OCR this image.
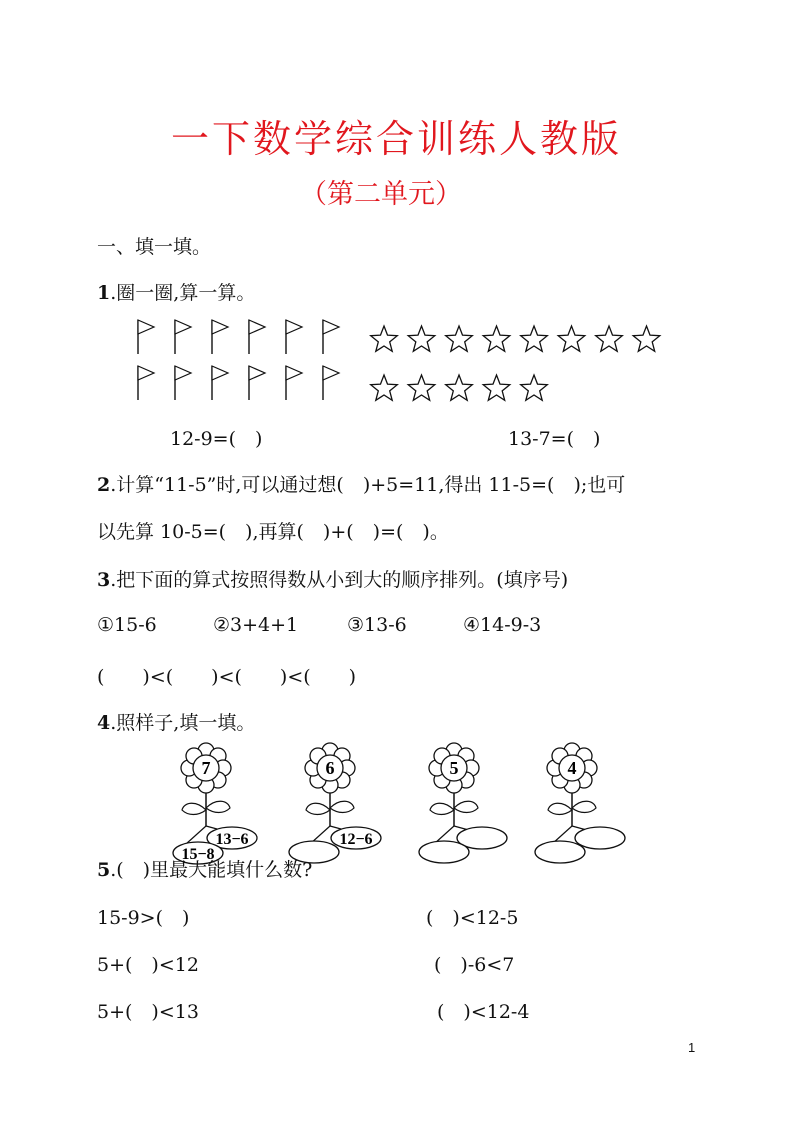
一下数学综合训练人教版
（第二单元）
一、填一填。
1.圈一圈,算一算。
12-9=(　)	13-7=(　)
2.计算“11-5”时,可以通过想(　)+5=11,得出 11-5=(　);也可
以先算 10-5=(　),再算(　)+(　)=(　)。
3.把下面的算式按照得数从小到大的顺序排列。(填序号)
①15-6	②3+4+1	③13-6	④14-9-3
(　　)<(　　)<(　　)<(　　)
4.照样子,填一填。
7
13−6
15−8
6
12−6
5	4
5.(　)里最大能填什么数?
15-9>(　)	(　)<12-5
5+(　)<12	(　)-6<7
5+(　)<13	(　)<12-4
1
